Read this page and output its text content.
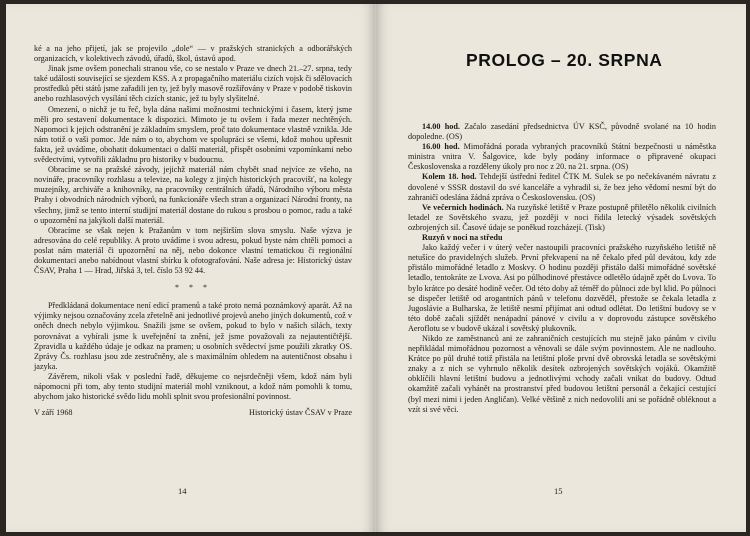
ké a na jeho přijetí, jak se projevilo „dole“ — v pražských stranických a odborářských organizacích, v kolektivech závodů, úřadů, škol, ústavů apod.

Jinak jsme ovšem ponechali stranou vše, co se nestalo v Praze ve dnech 21.–27. srpna, tedy také události související se sjezdem KSS. A z propagačního materiálu cizích vojsk či sdělovacích prostředků pěti států jsme zařadili jen ty, jež byly masově rozšiřovány v Praze v podobě tiskovin anebo rozhlasových vysílání těch cizích stanic, jež tu byly slyšitelné.

Omezení, o nichž je tu řeč, byla dána našimi možnostmi technickými i časem, který jsme měli pro sestavení dokumentace k dispozici. Mimoto je tu ovšem i řada mezer nechtěných. Napomoci k jejich odstranění je základním smyslem, proč tato dokumentace vlastně vznikla. Jde nám totiž o vaši pomoc. Jde nám o to, abychom ve spolupráci se všemi, kdož mohou upřesnit fakta, jež uvádíme, obohatit dokumentaci o další materiál, přispět osobními vzpomínkami nebo svědectvími, vytvořili základnu pro historiky v budoucnu.

Obracíme se na pražské závody, jejichž materiál nám chybět snad nejvíce ze všeho, na novináře, pracovníky rozhlasu a televize, na kolegy z jiných historických pracovišť, na kolegy muzejníky, archiváře a knihovníky, na pracovníky centrálních úřadů, Národního výboru města Prahy i obvodních národních výborů, na funkcionáře všech stran a organizací Národní fronty, na všechny, jimž se tento interní studijní materiál dostane do rukou s prosbou o pomoc, radu a také o upozornění na jakýkoli další materiál.

Obracíme se však nejen k Pražanům v tom nejširším slova smyslu. Naše výzva je adresována do celé republiky. A proto uvádíme i svou adresu, pokud byste nám chtěli pomoci a poslat nám materiál či upozornění na něj, nebo dokonce vlastní tematickou či regionální dokumentaci anebo nabídnout vlastní sbírku k ofotografování. Naše adresa je: Historický ústav ČSAV, Praha 1 — Hrad, Jiřská 3, tel. číslo 53 92 44.

* * *

Předkládaná dokumentace není edicí pramenů a také proto nemá poznámkový aparát. Až na výjimky nejsou označovány zcela zřetelně ani jednotlivé projevů anebo jiných dokumentů, což v oněch dnech nebylo výjimkou. Snažili jsme se ovšem, pokud to bylo v našich silách, texty porovnávat a vybírali jsme k uveřejnění ta znění, jež jsme považovali za nejautentičtější. Zpravidla u každého údaje je odkaz na pramen; u osobních svědectví jsme použili zkratky OS. Zprávy Čs. rozhlasu jsou zde zestručněny, ale s maximálním ohledem na autentičnost obsahu i jazyka.

Závěrem, nikoli však v poslední řadě, děkujeme co nejsrdečněji všem, kdož nám byli nápomocni při tom, aby tento studijní materiál mohl vzniknout, a kdož nám pomohli k tomu, abychom jako historické svědo lidu mohli splnit svou profesionální povinnost.

V září 1968	Historický ústav ČSAV v Praze
14
PROLOG – 20. SRPNA

14.00 hod. Začalo zasedání předsednictva ÚV KSČ, původně svolané na 10 hodin dopoledne. (OS)

16.00 hod. Mimořádná porada vybraných pracovníků Státní bezpečnosti u náměstka ministra vnitra V. Šalgovice, kde byly podány informace o připravené okupaci Československa a rozděleny úkoly pro noc z 20. na 21. srpna. (OS)

Kolem 18. hod. Tehdejší ústřední ředitel ČTK M. Sulek se po nečekávaném návratu z dovolené v SSSR dostavil do své kanceláře a vyhradil si, že bez jeho vědomí nesmí být do zahraničí odeslána žádná zpráva o Československu. (OS)

Ve večerních hodinách. Na ruzyňské letiště v Praze postupně přiletělo několik civilních letadel ze Sovětského svazu, jež později v noci řídila letecký výsadek sovětských ozbrojených sil. Časové údaje se poněkud rozcházejí. (Tisk)

Ruzyň v noci na středu

Jako každý večer i v úterý večer nastoupili pracovníci pražského ruzyňského letiště ně netušíce do pravidelných služeb. První překvapení na ně čekalo před půl devátou, kdy zde přistálo mimořádné letadlo z Moskvy. O hodinu později přistálo další mimořádné sovětské letadlo, tentokráte ze Lvova. Asi po půlhodinové přestávce odletělo údajně zpět do Lvova. To bylo krátce po desáté hodině večer. Od této doby až téměř do půlnoci zde byl klid. Po půlnoci se dispečer letiště od arogantních pánů v telefonu dozvěděl, přestože se čekala letadla z Jugoslávie a Bulharska, že letiště nesmí přijímat ani odtud odlétat. Do letištní budovy se v této době začali sjíždět nenápadní pánové v civilu a v doprovodu zástupce sovětského Aeroflotu se v budově ukázal i sovětský plukovník.

Nikdo ze zaměstnanců ani ze zahraničních cestujících mu stejně jako pánům v civilu nepřikládal mimořádnou pozornost a věnovali se dále svým povinnostem. Ale ne nadlouho. Krátce po půl druhé totiž přistála na letištní ploše první dvě obrovská letadla se sovětskými znaky a z nich se vyhrnulo několik desítek ozbrojených sovětských vojáků. Okamžitě obklíčili hlavní letištní budovu a jednotlivými vchody začali vnikat do budovy. Odtud okamžitě začali vyhánět na prostranství před budovou letištní personál a čekající cestující (byl mezi nimi i jeden Angličan). Velké většině z nich nedovolili ani se pořádně obléknout a vzít si své věci.

15
